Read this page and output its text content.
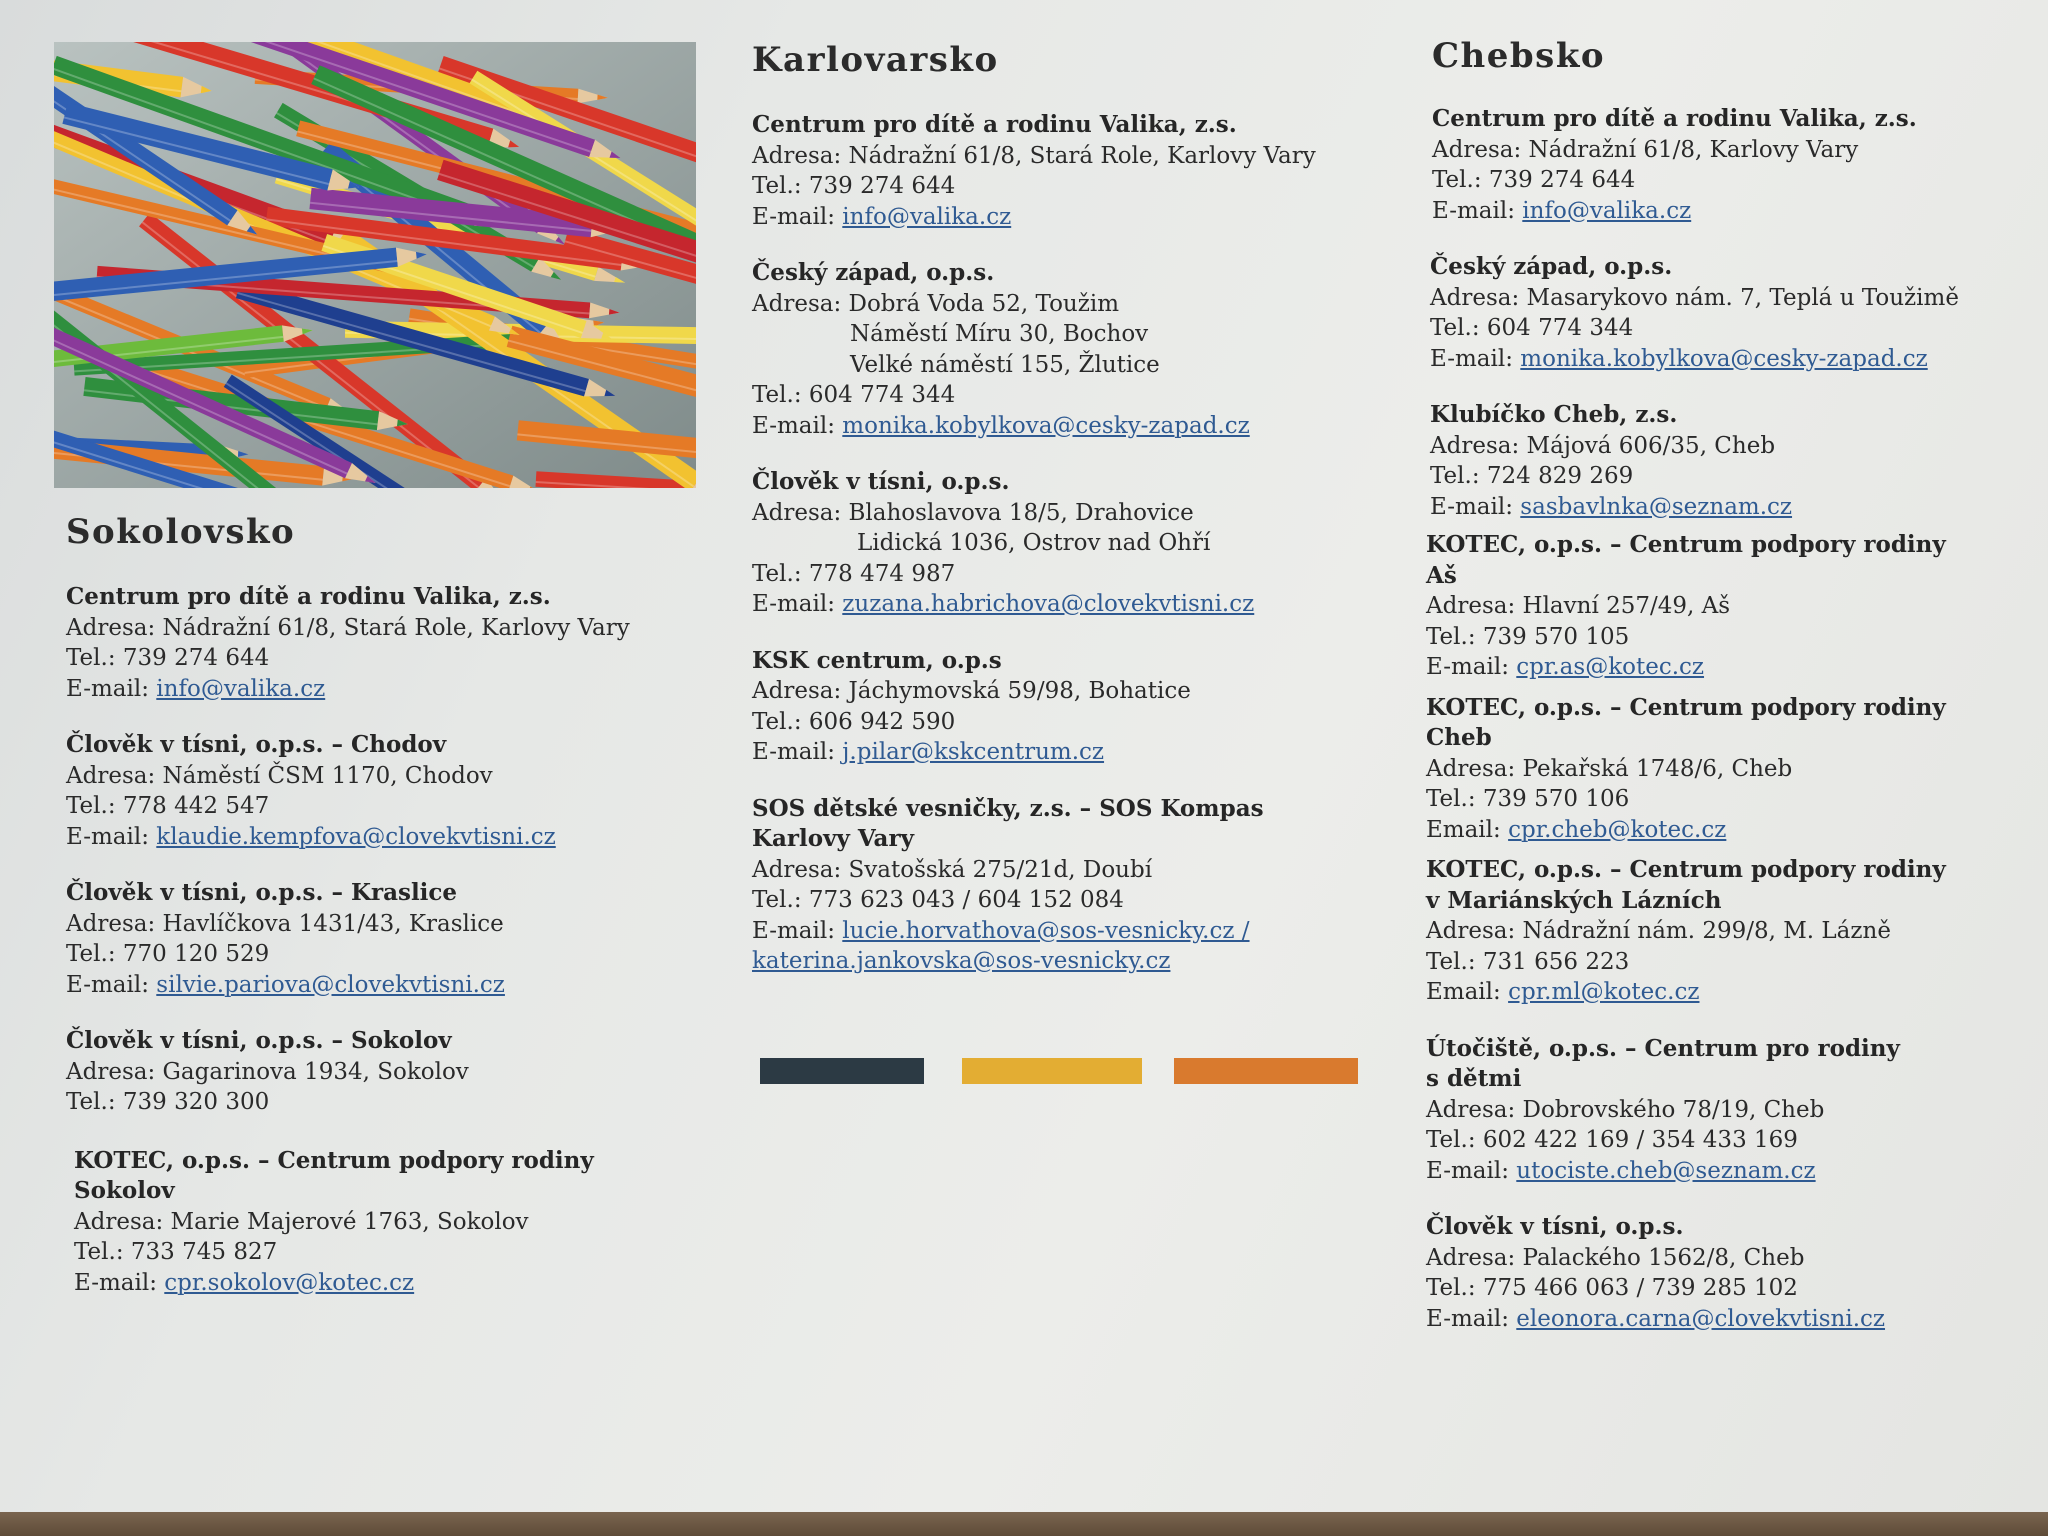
Sokolovsko
Centrum pro dítě a rodinu Valika, z.s.
Adresa: Nádražní 61/8, Stará Role, Karlovy Vary
Tel.: 739 274 644
E-mail: info@valika.cz
Člověk v tísni, o.p.s. – Chodov
Adresa: Náměstí ČSM 1170, Chodov
Tel.: 778 442 547
E-mail: klaudie.kempfova@clovekvtisni.cz
Člověk v tísni, o.p.s. – Kraslice
Adresa: Havlíčkova 1431/43, Kraslice
Tel.: 770 120 529
E-mail: silvie.pariova@clovekvtisni.cz
Člověk v tísni, o.p.s. – Sokolov
Adresa: Gagarinova 1934, Sokolov
Tel.: 739 320 300
KOTEC, o.p.s. – Centrum podpory rodiny
Sokolov
Adresa: Marie Majerové 1763, Sokolov
Tel.: 733 745 827
E-mail: cpr.sokolov@kotec.cz
Karlovarsko
Centrum pro dítě a rodinu Valika, z.s.
Adresa: Nádražní 61/8, Stará Role, Karlovy Vary
Tel.: 739 274 644
E-mail: info@valika.cz
Český západ, o.p.s.
Adresa: Dobrá Voda 52, Toužim
Náměstí Míru 30, Bochov
Velké náměstí 155, Žlutice
Tel.: 604 774 344
E-mail: monika.kobylkova@cesky-zapad.cz
Člověk v tísni, o.p.s.
Adresa: Blahoslavova 18/5, Drahovice
Lidická 1036, Ostrov nad Ohří
Tel.: 778 474 987
E-mail: zuzana.habrichova@clovekvtisni.cz
KSK centrum, o.p.s
Adresa: Jáchymovská 59/98, Bohatice
Tel.: 606 942 590
E-mail: j.pilar@kskcentrum.cz
SOS dětské vesničky, z.s. – SOS Kompas
Karlovy Vary
Adresa: Svatošská 275/21d, Doubí
Tel.: 773 623 043 / 604 152 084
E-mail: lucie.horvathova@sos-vesnicky.cz /
katerina.jankovska@sos-vesnicky.cz
Chebsko
Centrum pro dítě a rodinu Valika, z.s.
Adresa: Nádražní 61/8, Karlovy Vary
Tel.: 739 274 644
E-mail: info@valika.cz
Český západ, o.p.s.
Adresa: Masarykovo nám. 7, Teplá u Toužimě
Tel.: 604 774 344
E-mail: monika.kobylkova@cesky-zapad.cz
Klubíčko Cheb, z.s.
Adresa: Májová 606/35, Cheb
Tel.: 724 829 269
E-mail: sasbavlnka@seznam.cz
KOTEC, o.p.s. – Centrum podpory rodiny
Aš
Adresa: Hlavní 257/49, Aš
Tel.: 739 570 105
E-mail: cpr.as@kotec.cz
KOTEC, o.p.s. – Centrum podpory rodiny
Cheb
Adresa: Pekařská 1748/6, Cheb
Tel.: 739 570 106
Email: cpr.cheb@kotec.cz
KOTEC, o.p.s. – Centrum podpory rodiny
v Mariánských Lázních
Adresa: Nádražní nám. 299/8, M. Lázně
Tel.: 731 656 223
Email: cpr.ml@kotec.cz
Útočiště, o.p.s. – Centrum pro rodiny
s dětmi
Adresa: Dobrovského 78/19, Cheb
Tel.: 602 422 169 / 354 433 169
E-mail: utociste.cheb@seznam.cz
Člověk v tísni, o.p.s.
Adresa: Palackého 1562/8, Cheb
Tel.: 775 466 063 / 739 285 102
E-mail: eleonora.carna@clovekvtisni.cz
